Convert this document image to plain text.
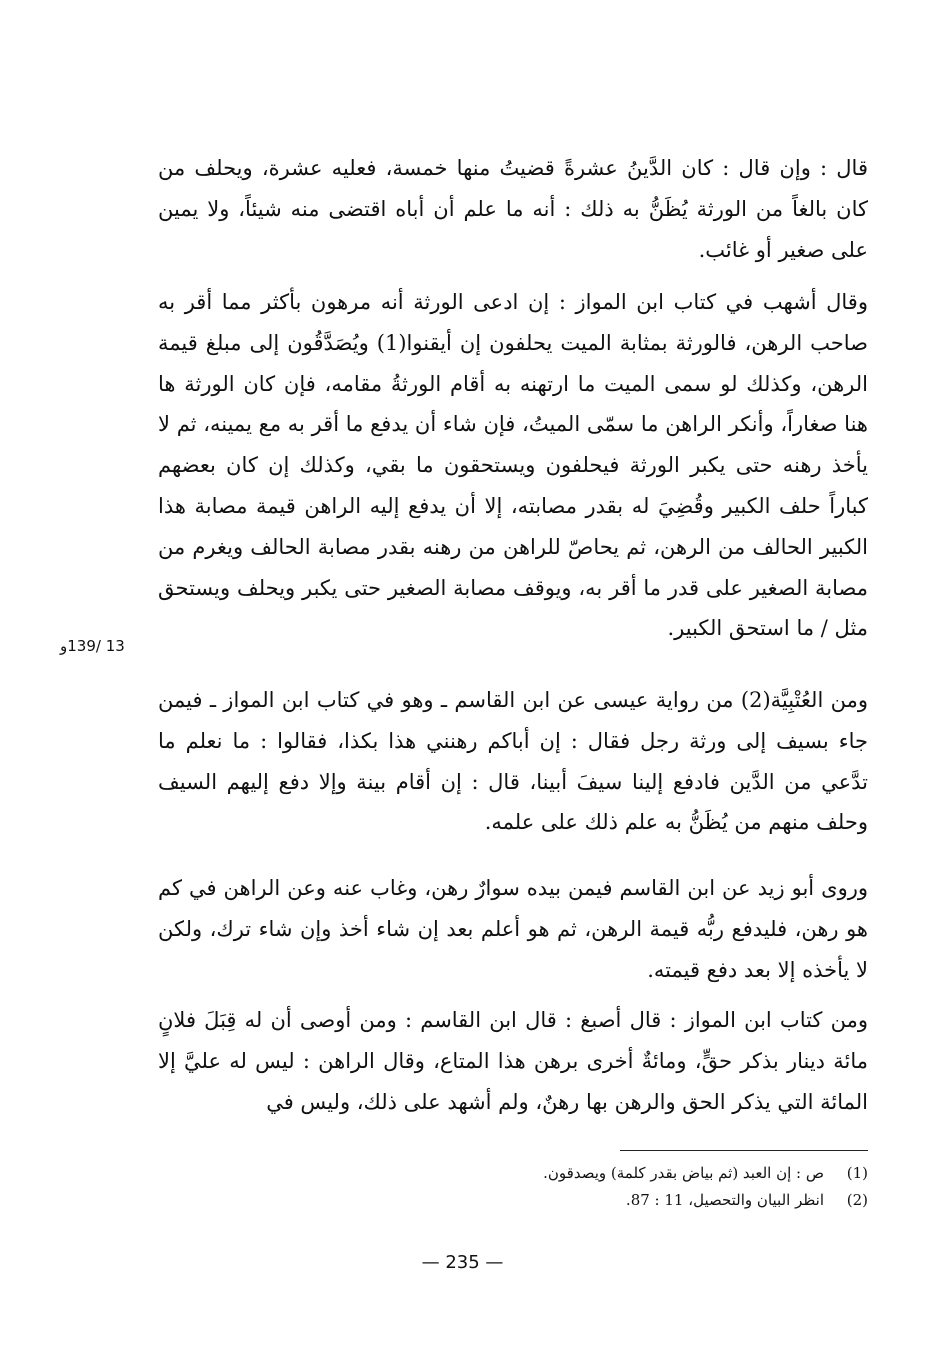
قال : وإن قال : كان الدَّينُ عشرةً قضيتُ منها خمسة، فعليه عشرة، ويحلف من كان بالغاً من الورثة يُظَنُّ به ذلك : أنه ما علم أن أباه اقتضى منه شيئاً، ولا يمين على صغير أو غائب.

وقال أشهب في كتاب ابن المواز : إن ادعى الورثة أنه مرهون بأكثر مما أقر به صاحب الرهن، فالورثة بمثابة الميت يحلفون إن أيقنوا(1) ويُصَدَّقُون إلى مبلغ قيمة الرهن، وكذلك لو سمى الميت ما ارتهنه به أقام الورثةُ مقامه، فإن كان الورثة ها هنا صغاراً، وأنكر الراهن ما سمّى الميتُ، فإن شاء أن يدفع ما أقر به مع يمينه، ثم لا يأخذ رهنه حتى يكبر الورثة فيحلفون ويستحقون ما بقي، وكذلك إن كان بعضهم كباراً حلف الكبير وقُضِيَ له بقدر مصابته، إلا أن يدفع إليه الراهن قيمة مصابة هذا الكبير الحالف من الرهن، ثم يحاصّ للراهن من رهنه بقدر مصابة الحالف ويغرم من مصابة الصغير على قدر ما أقر به، ويوقف مصابة الصغير حتى يكبر ويحلف ويستحق مثل / ما استحق الكبير.

13 /139و

ومن العُتْبِيَّة(2) من رواية عيسى عن ابن القاسم ـ وهو في كتاب ابن المواز ـ فيمن جاء بسيف إلى ورثة رجل فقال : إن أباكم رهنني هذا بكذا، فقالوا : ما نعلم ما تدَّعي من الدَّين فادفع إلينا سيفَ أبينا، قال : إن أقام بينة وإلا دفع إليهم السيف وحلف منهم من يُظَنُّ به علم ذلك على علمه.

وروى أبو زيد عن ابن القاسم فيمن بيده سوارٌ رهن، وغاب عنه وعن الراهن في كم هو رهن، فليدفع ربُّه قيمة الرهن، ثم هو أعلم بعد إن شاء أخذ وإن شاء ترك، ولكن لا يأخذه إلا بعد دفع قيمته.

ومن كتاب ابن المواز : قال أصبغ : قال ابن القاسم : ومن أوصى أن له قِبَلَ فلانٍ مائة دينار بذكر حقٍّ، ومائةٌ أخرى برهن هذا المتاع، وقال الراهن : ليس له عليَّ إلا المائة التي يذكر الحق والرهن بها رهنٌ، ولم أشهد على ذلك، وليس في

(1)
ص : إن العبد (ثم بياض بقدر كلمة) ويصدقون.
(2)
انظر البيان والتحصيل، 11 : 87.
— 235 —
